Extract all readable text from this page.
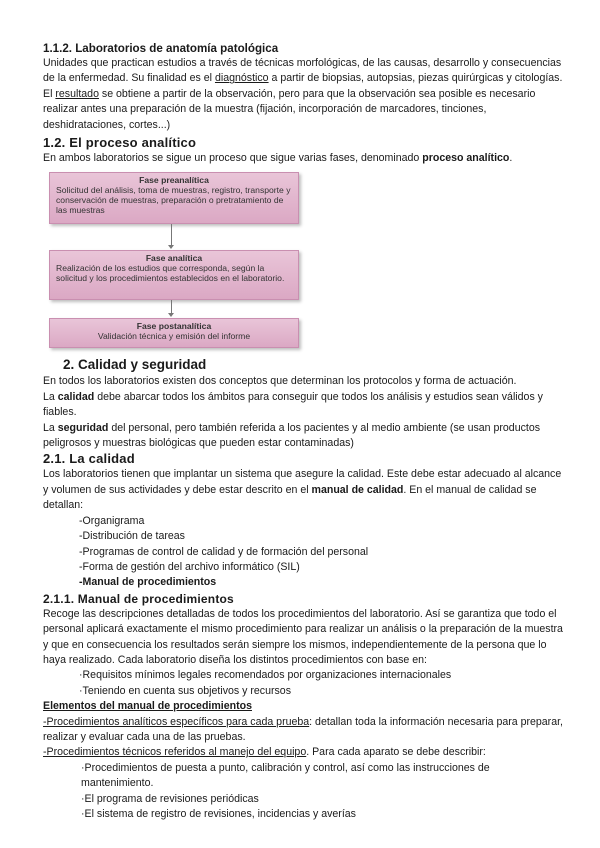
1.1.2. Laboratorios de anatomía patológica

Unidades que practican estudios a través de técnicas morfológicas, de las causas, desarrollo y consecuencias de la enfermedad. Su finalidad es el diagnóstico a partir de biopsias, autopsias, piezas quirúrgicas y citologías. El resultado se obtiene a partir de la observación, pero para que la observación sea posible es necesario realizar antes una preparación de la muestra (fijación, incorporación de marcadores, tinciones, deshidrataciones, cortes...)

1.2. El proceso analítico

En ambos laboratorios se sigue un proceso que sigue varias fases, denominado proceso analítico.

Fase preanalítica
Solicitud del análisis, toma de muestras, registro, transporte y conservación de muestras, preparación o pretratamiento de las muestras
Fase analítica
Realización de los estudios que corresponda, según la solicitud y los procedimientos establecidos en el laboratorio.
Fase postanalítica
Validación técnica y emisión del informe
2. Calidad y seguridad

En todos los laboratorios existen dos conceptos que determinan los protocolos y forma de actuación.

La calidad debe abarcar todos los ámbitos para conseguir que todos los análisis y estudios sean válidos y fiables.

La seguridad del personal, pero también referida a los pacientes y al medio ambiente (se usan productos peligrosos y muestras biológicas que pueden estar contaminadas)

2.1. La calidad

Los laboratorios tienen que implantar un sistema que asegure la calidad. Este debe estar adecuado al alcance y volumen de sus actividades y debe estar descrito en el manual de calidad. En el manual de calidad se detallan:

-Organigrama
-Distribución de tareas
-Programas de control de calidad y de formación del personal
-Forma de gestión del archivo informático (SIL)
-Manual de procedimientos
2.1.1. Manual de procedimientos

Recoge las descripciones detalladas de todos los procedimientos del laboratorio. Así se garantiza que todo el personal aplicará exactamente el mismo procedimiento para realizar un análisis o la preparación de la muestra y que en consecuencia los resultados serán siempre los mismos, independientemente de la persona que lo haya realizado. Cada laboratorio diseña los distintos procedimientos con base en:

·Requisitos mínimos legales recomendados por organizaciones internacionales
·Teniendo en cuenta sus objetivos y recursos
Elementos del manual de procedimientos

-Procedimientos analíticos específicos para cada prueba: detallan toda la información necesaria para preparar, realizar y evaluar cada una de las pruebas.

-Procedimientos técnicos referidos al manejo del equipo. Para cada aparato se debe describir:

·Procedimientos de puesta a punto, calibración y control, así como las instrucciones de mantenimiento.
·El programa de revisiones periódicas
·El sistema de registro de revisiones, incidencias y averías
